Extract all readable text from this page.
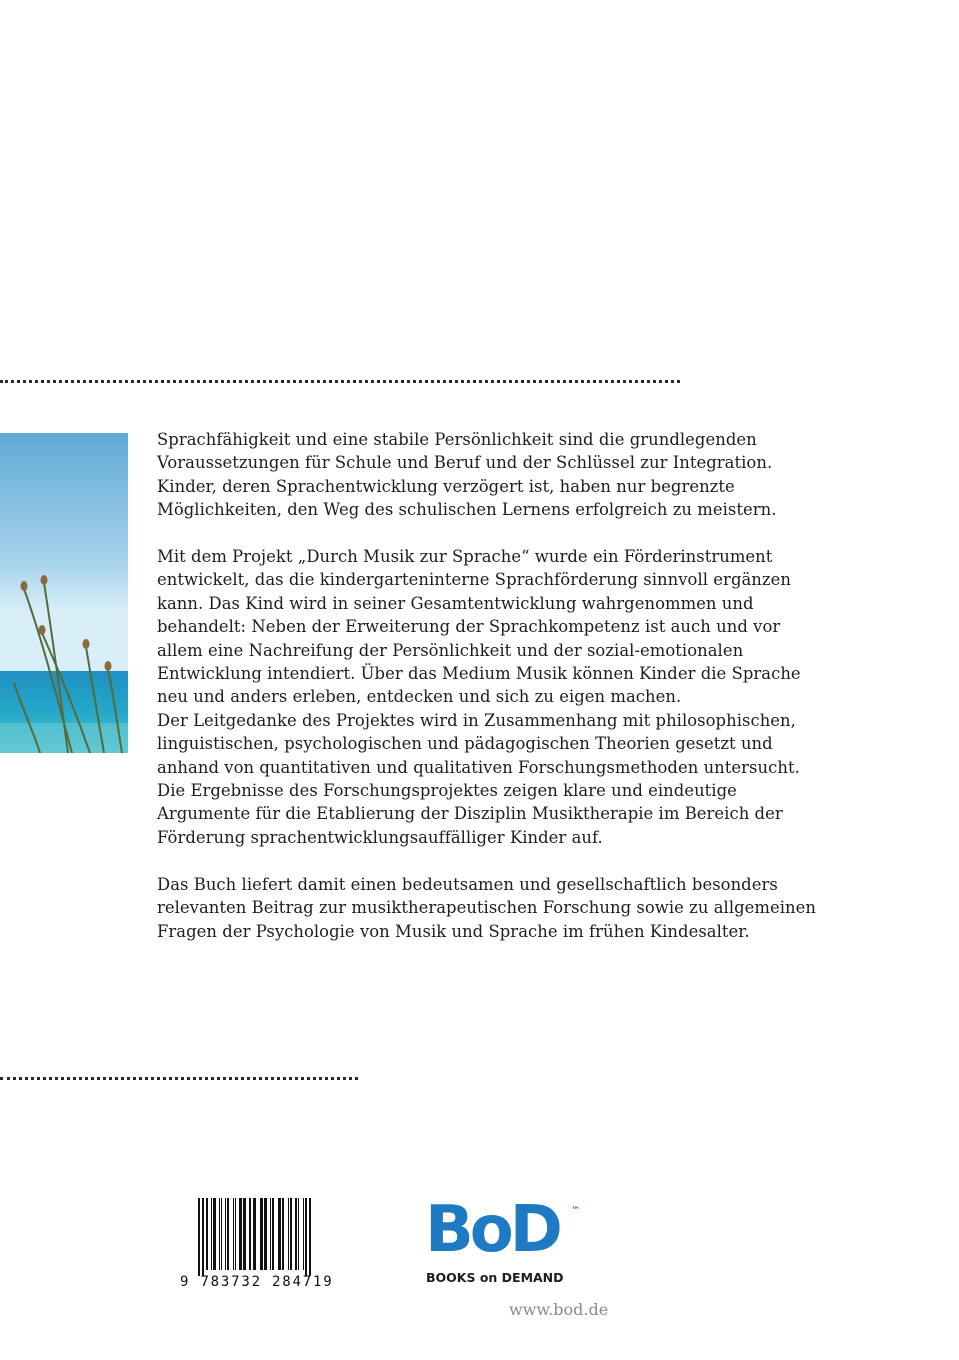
Sprachfähigkeit und eine stabile Persönlichkeit sind die grundlegenden
Voraussetzungen für Schule und Beruf und der Schlüssel zur Integration.
Kinder, deren Sprachentwicklung verzögert ist, haben nur begrenzte
Möglichkeiten, den Weg des schulischen Lernens erfolgreich zu meistern.

Mit dem Projekt „Durch Musik zur Sprache“ wurde ein Förderinstrument
entwickelt, das die kindergarteninterne Sprachförderung sinnvoll ergänzen
kann. Das Kind wird in seiner Gesamtentwicklung wahrgenommen und
behandelt: Neben der Erweiterung der Sprachkompetenz ist auch und vor
allem eine Nachreifung der Persönlichkeit und der sozial-emotionalen
Entwicklung intendiert. Über das Medium Musik können Kinder die Sprache
neu und anders erleben, entdecken und sich zu eigen machen.
Der Leitgedanke des Projektes wird in Zusammenhang mit philosophischen,
linguistischen, psychologischen und pädagogischen Theorien gesetzt und
anhand von quantitativen und qualitativen Forschungsmethoden untersucht.
Die Ergebnisse des Forschungsprojektes zeigen klare und eindeutige
Argumente für die Etablierung der Disziplin Musiktherapie im Bereich der
Förderung sprachentwicklungsauffälliger Kinder auf.

Das Buch liefert damit einen bedeutsamen und gesellschaftlich besonders
relevanten Beitrag zur musiktherapeutischen Forschung sowie zu allgemeinen
Fragen der Psychologie von Musik und Sprache im frühen Kindesalter.

9 783732 284719
BoD ™
BOOKS on DEMAND
www.bod.de
